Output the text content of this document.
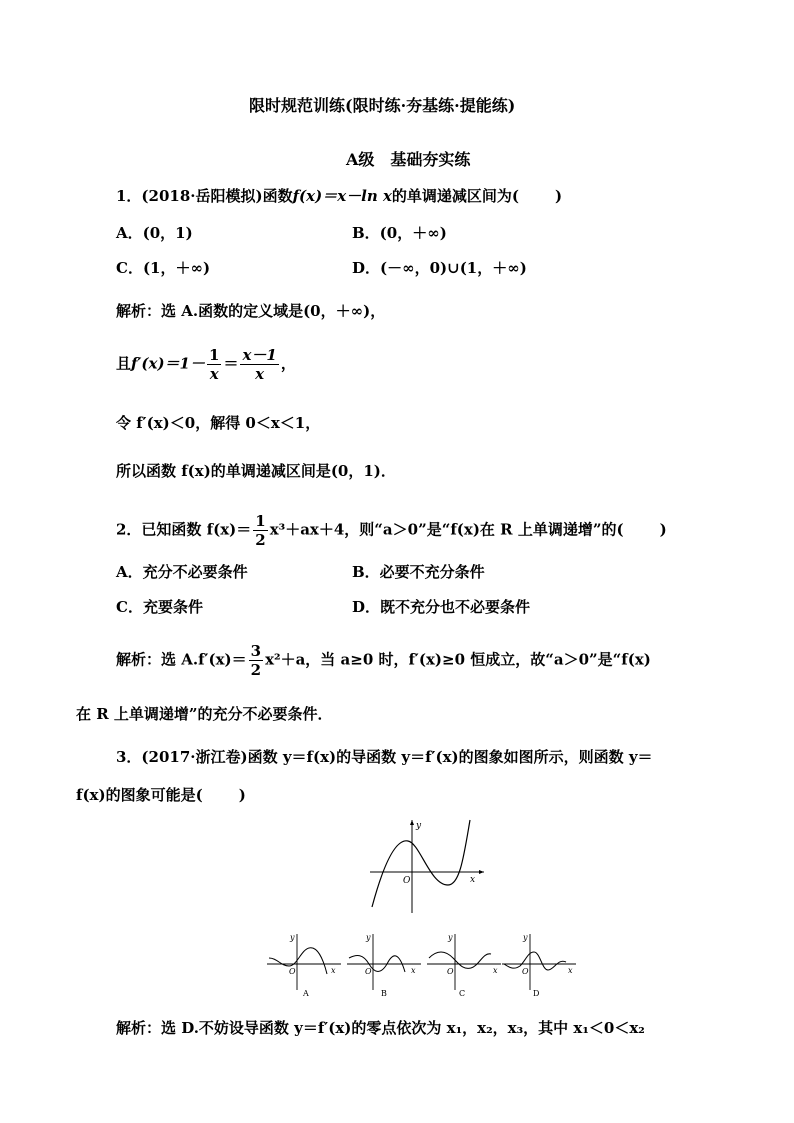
限时规范训练(限时练·夯基练·提能练)
A级　基础夯实练
1．(2018·岳阳模拟)函数f(x)＝x－ln x的单调递减区间为( )
A．(0，1)	B．(0，＋∞)
C．(1，＋∞)	D．(－∞，0)∪(1，＋∞)
解析：选 A.函数的定义域是(0，＋∞)，
且$f'(x)=1- \frac{1}{x} = \frac{x-1}{x}$ ，
令 f′(x)＜0，解得 0＜x＜1，
所以函数 f(x)的单调递减区间是(0，1)．
2．已知函数 $f(x)= \frac{1}{2} x^3+ax+4$，则“a＞0”是“f(x)在 R 上单调递增”的( )
A．充分不必要条件	B．必要不充分条件
C．充要条件	D．既不充分也不必要条件
解析：选 $A.f'(x)= \frac{3}{2} x^2+a$，当 a≥0 时，f′(x)≥0 恒成立，故“a＞0”是“f(x)
在 R 上单调递增”的充分不必要条件．
3．(2017·浙江卷)函数 y＝f(x)的导函数 y＝f′(x)的图象如图所示，则函数 y＝
f(x)的图象可能是( )
y
O	x
y
O	x
A
y
O	x
B
y
O	x
C
y
O	x
D
解析：选 D.不妨设导函数 y＝f′(x)的零点依次为 x₁，x₂，x₃，其中 x₁＜0＜x₂
